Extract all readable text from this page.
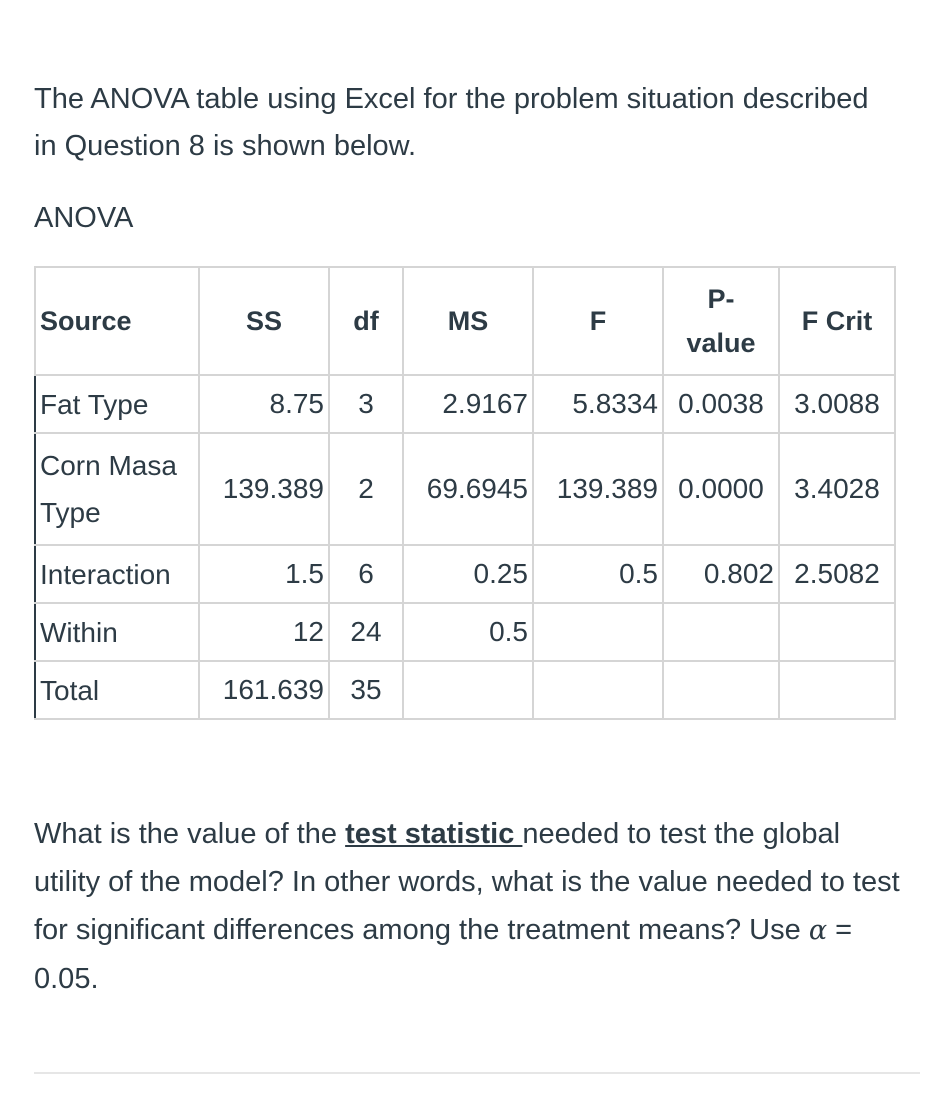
The ANOVA table using Excel for the problem situation described in Question 8 is shown below.

ANOVA
Source	SS	df	MS	F	P-value	F Crit
Fat Type	8.75	3	2.9167	5.8334	0.0038	3.0088
Corn Masa Type	139.389	2	69.6945	139.389	0.0000	3.4028
Interaction	1.5	6	0.25	0.5	0.802	2.5082
Within	12	24	0.5			
Total	161.639	35				

What is the value of the test statistic needed to test the global utility of the model? In other words, what is the value needed to test for significant differences among the treatment means? Use α = 0.05.
